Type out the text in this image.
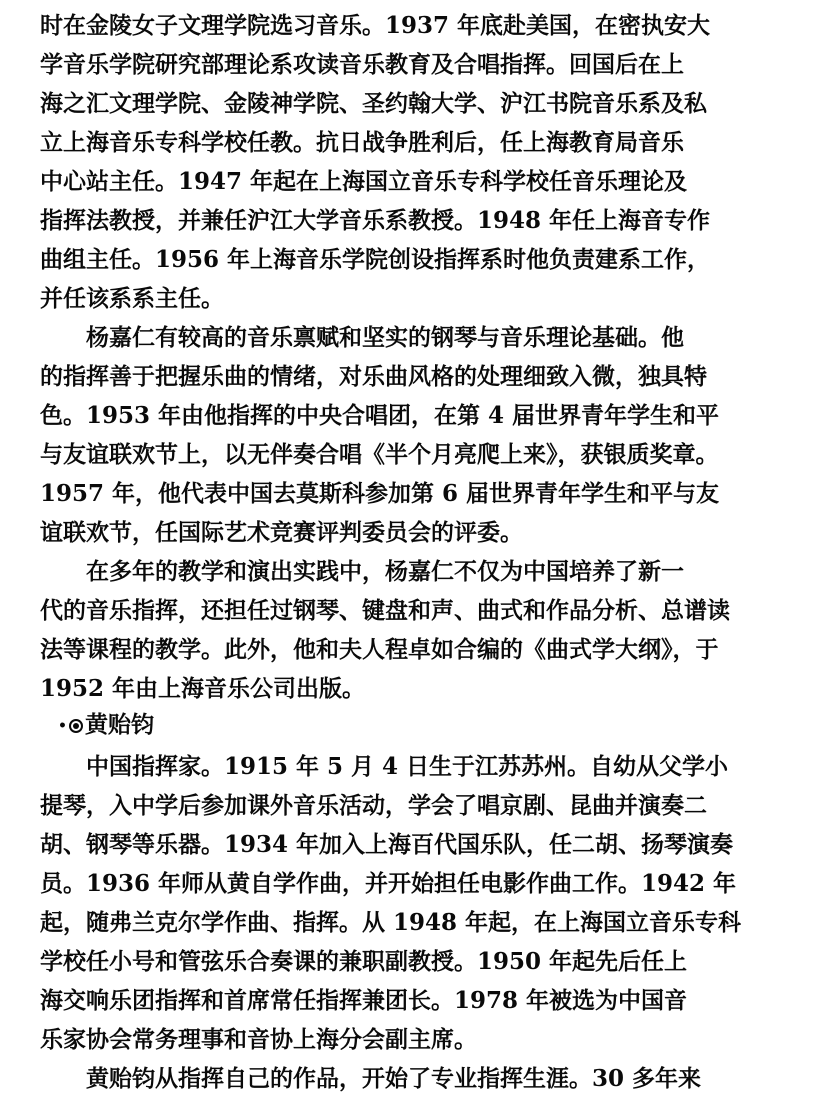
时在金陵女子文理学院选习音乐。1937 年底赴美国，在密执安大
学音乐学院研究部理论系攻读音乐教育及合唱指挥。回国后在上
海之汇文理学院、金陵神学院、圣约翰大学、沪江书院音乐系及私
立上海音乐专科学校任教。抗日战争胜利后，任上海教育局音乐
中心站主任。1947 年起在上海国立音乐专科学校任音乐理论及
指挥法教授，并兼任沪江大学音乐系教授。1948 年任上海音专作
曲组主任。1956 年上海音乐学院创设指挥系时他负责建系工作，
并任该系系主任。
杨嘉仁有较高的音乐禀赋和坚实的钢琴与音乐理论基础。他
的指挥善于把握乐曲的情绪，对乐曲风格的处理细致入微，独具特
色。1953 年由他指挥的中央合唱团，在第 4 届世界青年学生和平
与友谊联欢节上，以无伴奏合唱《半个月亮爬上来》，获银质奖章。
1957 年，他代表中国去莫斯科参加第 6 届世界青年学生和平与友
谊联欢节，任国际艺术竞赛评判委员会的评委。
在多年的教学和演出实践中，杨嘉仁不仅为中国培养了新一
代的音乐指挥，还担任过钢琴、键盘和声、曲式和作品分析、总谱读
法等课程的教学。此外，他和夫人程卓如合编的《曲式学大纲》，于
1952 年由上海音乐公司出版。
• 黄贻钧
中国指挥家。1915 年 5 月 4 日生于江苏苏州。自幼从父学小
提琴，入中学后参加课外音乐活动，学会了唱京剧、昆曲并演奏二
胡、钢琴等乐器。1934 年加入上海百代国乐队，任二胡、扬琴演奏
员。1936 年师从黄自学作曲，并开始担任电影作曲工作。1942 年
起，随弗兰克尔学作曲、指挥。从 1948 年起，在上海国立音乐专科
学校任小号和管弦乐合奏课的兼职副教授。1950 年起先后任上
海交响乐团指挥和首席常任指挥兼团长。1978 年被选为中国音
乐家协会常务理事和音协上海分会副主席。
黄贻钧从指挥自己的作品，开始了专业指挥生涯。30 多年来
